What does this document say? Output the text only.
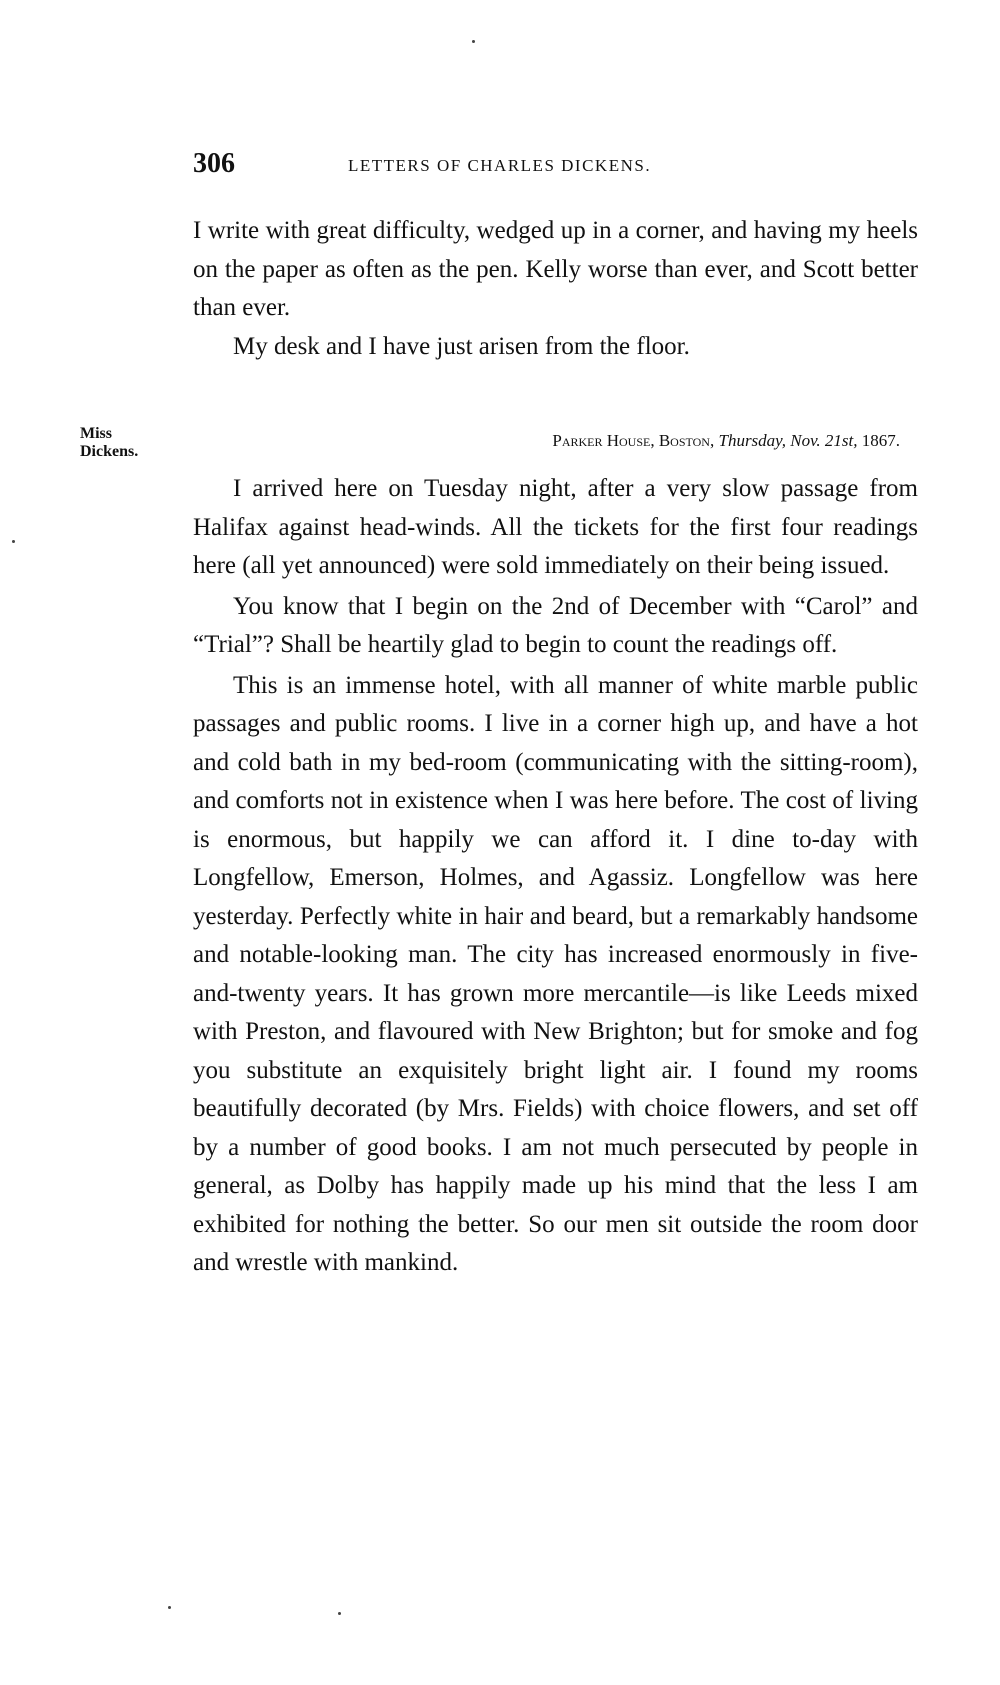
306	LETTERS OF CHARLES DICKENS.

I write with great difficulty, wedged up in a corner, and having my heels on the paper as often as the pen. Kelly worse than ever, and Scott better than ever.

My desk and I have just arisen from the floor.

Miss
Dickens.
Parker House, Boston, Thursday, Nov. 21st, 1867.

I arrived here on Tuesday night, after a very slow passage from Halifax against head-winds. All the tickets for the first four readings here (all yet announced) were sold immediately on their being issued.

You know that I begin on the 2nd of December with “Carol” and “Trial”? Shall be heartily glad to begin to count the readings off.

This is an immense hotel, with all manner of white marble public passages and public rooms. I live in a corner high up, and have a hot and cold bath in my bed-room (communicating with the sitting-room), and comforts not in existence when I was here before. The cost of living is enormous, but happily we can afford it. I dine to-day with Longfellow, Emerson, Holmes, and Agassiz. Longfellow was here yesterday. Perfectly white in hair and beard, but a remarkably handsome and notable-looking man. The city has increased enormously in five-and-twenty years. It has grown more mercantile—is like Leeds mixed with Preston, and flavoured with New Brighton; but for smoke and fog you substitute an exquisitely bright light air. I found my rooms beautifully decorated (by Mrs. Fields) with choice flowers, and set off by a number of good books. I am not much persecuted by people in general, as Dolby has happily made up his mind that the less I am exhibited for nothing the better. So our men sit outside the room door and wrestle with mankind.
